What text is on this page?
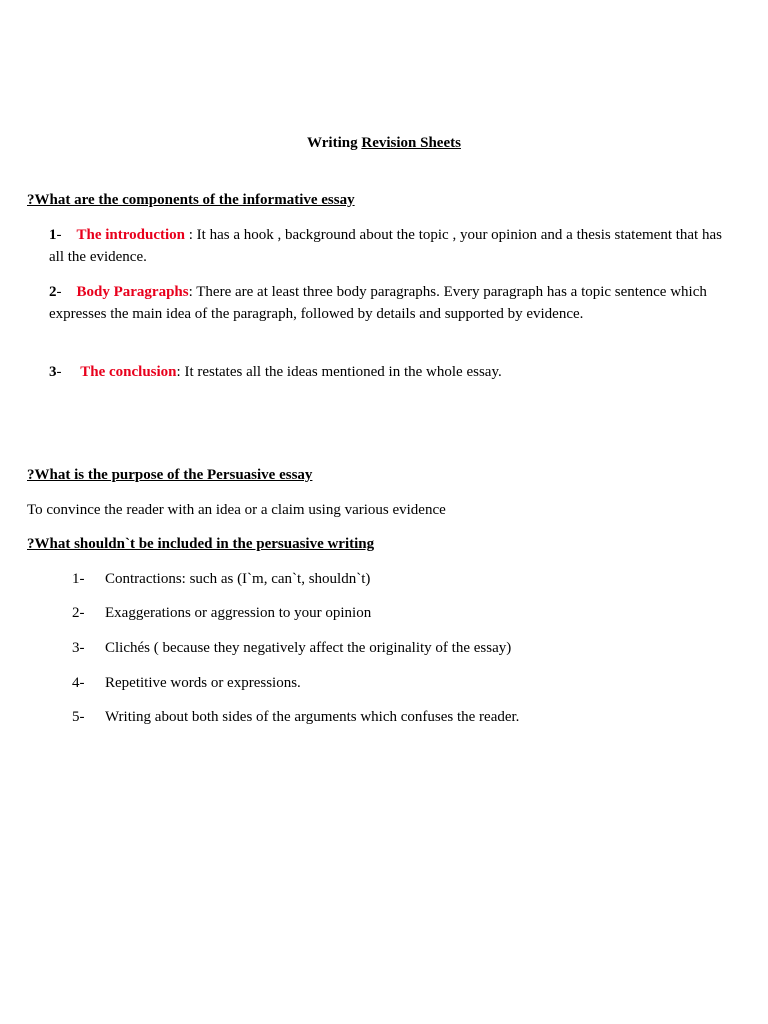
Writing Revision Sheets
?What are the components of the informative essay
1- The introduction : It has a hook , background about the topic , your opinion and a thesis statement that has all the evidence.
2- Body Paragraphs: There are at least three body paragraphs. Every paragraph has a topic sentence which expresses the main idea of the paragraph, followed by details and supported by evidence.
3- The conclusion: It restates all the ideas mentioned in the whole essay.
?What is the purpose of the Persuasive essay
To convince the reader with an idea or a claim using various evidence
?What shouldn`t be included in the persuasive writing
1- Contractions: such as (I`m, can`t, shouldn`t)
2- Exaggerations or aggression to your opinion
3- Clichés ( because they negatively affect the originality of the essay)
4- Repetitive words or expressions.
5- Writing about both sides of the arguments which confuses the reader.
